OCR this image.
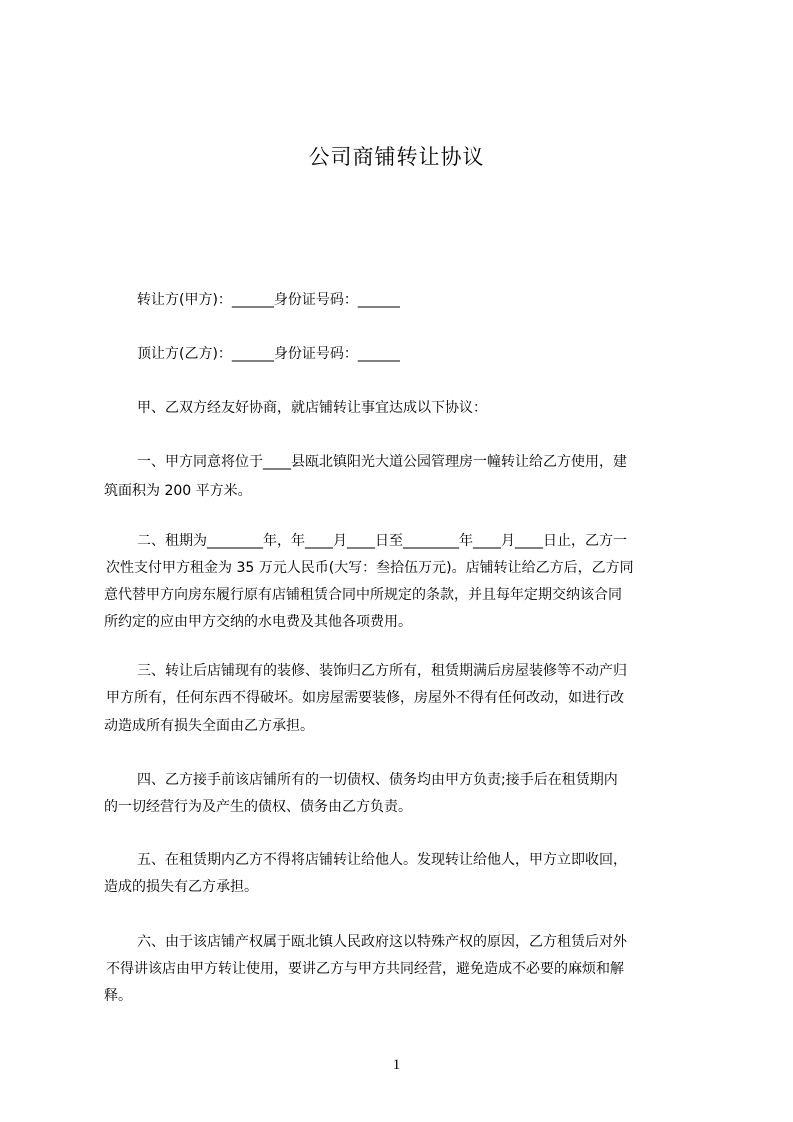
公司商铺转让协议
转让方(甲方)：______身份证号码：______
顶让方(乙方)：______身份证号码：______
甲、乙双方经友好协商，就店铺转让事宜达成以下协议：
一、甲方同意将位于____县瓯北镇阳光大道公园管理房一幢转让给乙方使用，建
筑面积为 200 平方米。
二、租期为________年，年____月____日至________年____月____日止，乙方一
次性支付甲方租金为 35 万元人民币(大写：叁拾伍万元)。店铺转让给乙方后，乙方同
意代替甲方向房东履行原有店铺租赁合同中所规定的条款，并且每年定期交纳该合同
所约定的应由甲方交纳的水电费及其他各项费用。
三、转让后店铺现有的装修、装饰归乙方所有，租赁期满后房屋装修等不动产归
甲方所有，任何东西不得破坏。如房屋需要装修，房屋外不得有任何改动，如进行改
动造成所有损失全面由乙方承担。
四、乙方接手前该店铺所有的一切债权、债务均由甲方负责;接手后在租赁期内
的一切经营行为及产生的债权、债务由乙方负责。
五、在租赁期内乙方不得将店铺转让给他人。发现转让给他人，甲方立即收回，
造成的损失有乙方承担。
六、由于该店铺产权属于瓯北镇人民政府这以特殊产权的原因，乙方租赁后对外
不得讲该店由甲方转让使用，要讲乙方与甲方共同经营，避免造成不必要的麻烦和解
释。
1
